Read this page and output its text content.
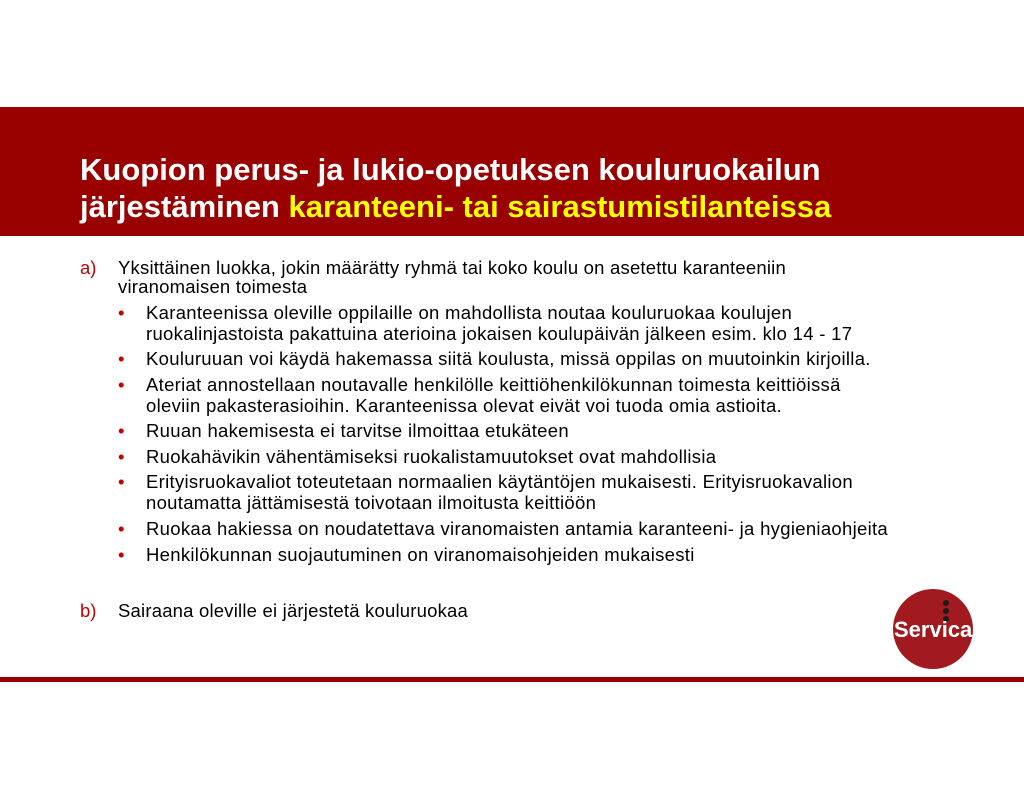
Kuopion perus- ja lukio-opetuksen kouluruokailun
järjestäminen karanteeni- tai sairastumistilanteissa
a) Yksittäinen luokka, jokin määrätty ryhmä tai koko koulu on asetettu karanteeniin
viranomaisen toimesta
• Karanteenissa oleville oppilaille on mahdollista noutaa kouluruokaa koulujen
ruokalinjastoista pakattuina aterioina jokaisen koulupäivän jälkeen esim. klo 14 - 17
• Kouluruuan voi käydä hakemassa siitä koulusta, missä oppilas on muutoinkin kirjoilla.
• Ateriat annostellaan noutavalle henkilölle keittiöhenkilökunnan toimesta keittiöissä
oleviin pakasterasioihin. Karanteenissa olevat eivät voi tuoda omia astioita.
• Ruuan hakemisesta ei tarvitse ilmoittaa etukäteen
• Ruokahävikin vähentämiseksi ruokalistamuutokset ovat mahdollisia
• Erityisruokavaliot toteutetaan normaalien käytäntöjen mukaisesti. Erityisruokavalion
noutamatta jättämisestä toivotaan ilmoitusta keittiöön
• Ruokaa hakiessa on noudatettava viranomaisten antamia karanteeni- ja hygieniaohjeita
• Henkilökunnan suojautuminen on viranomaisohjeiden mukaisesti
b) Sairaana oleville ei järjestetä kouluruokaa
Servica
